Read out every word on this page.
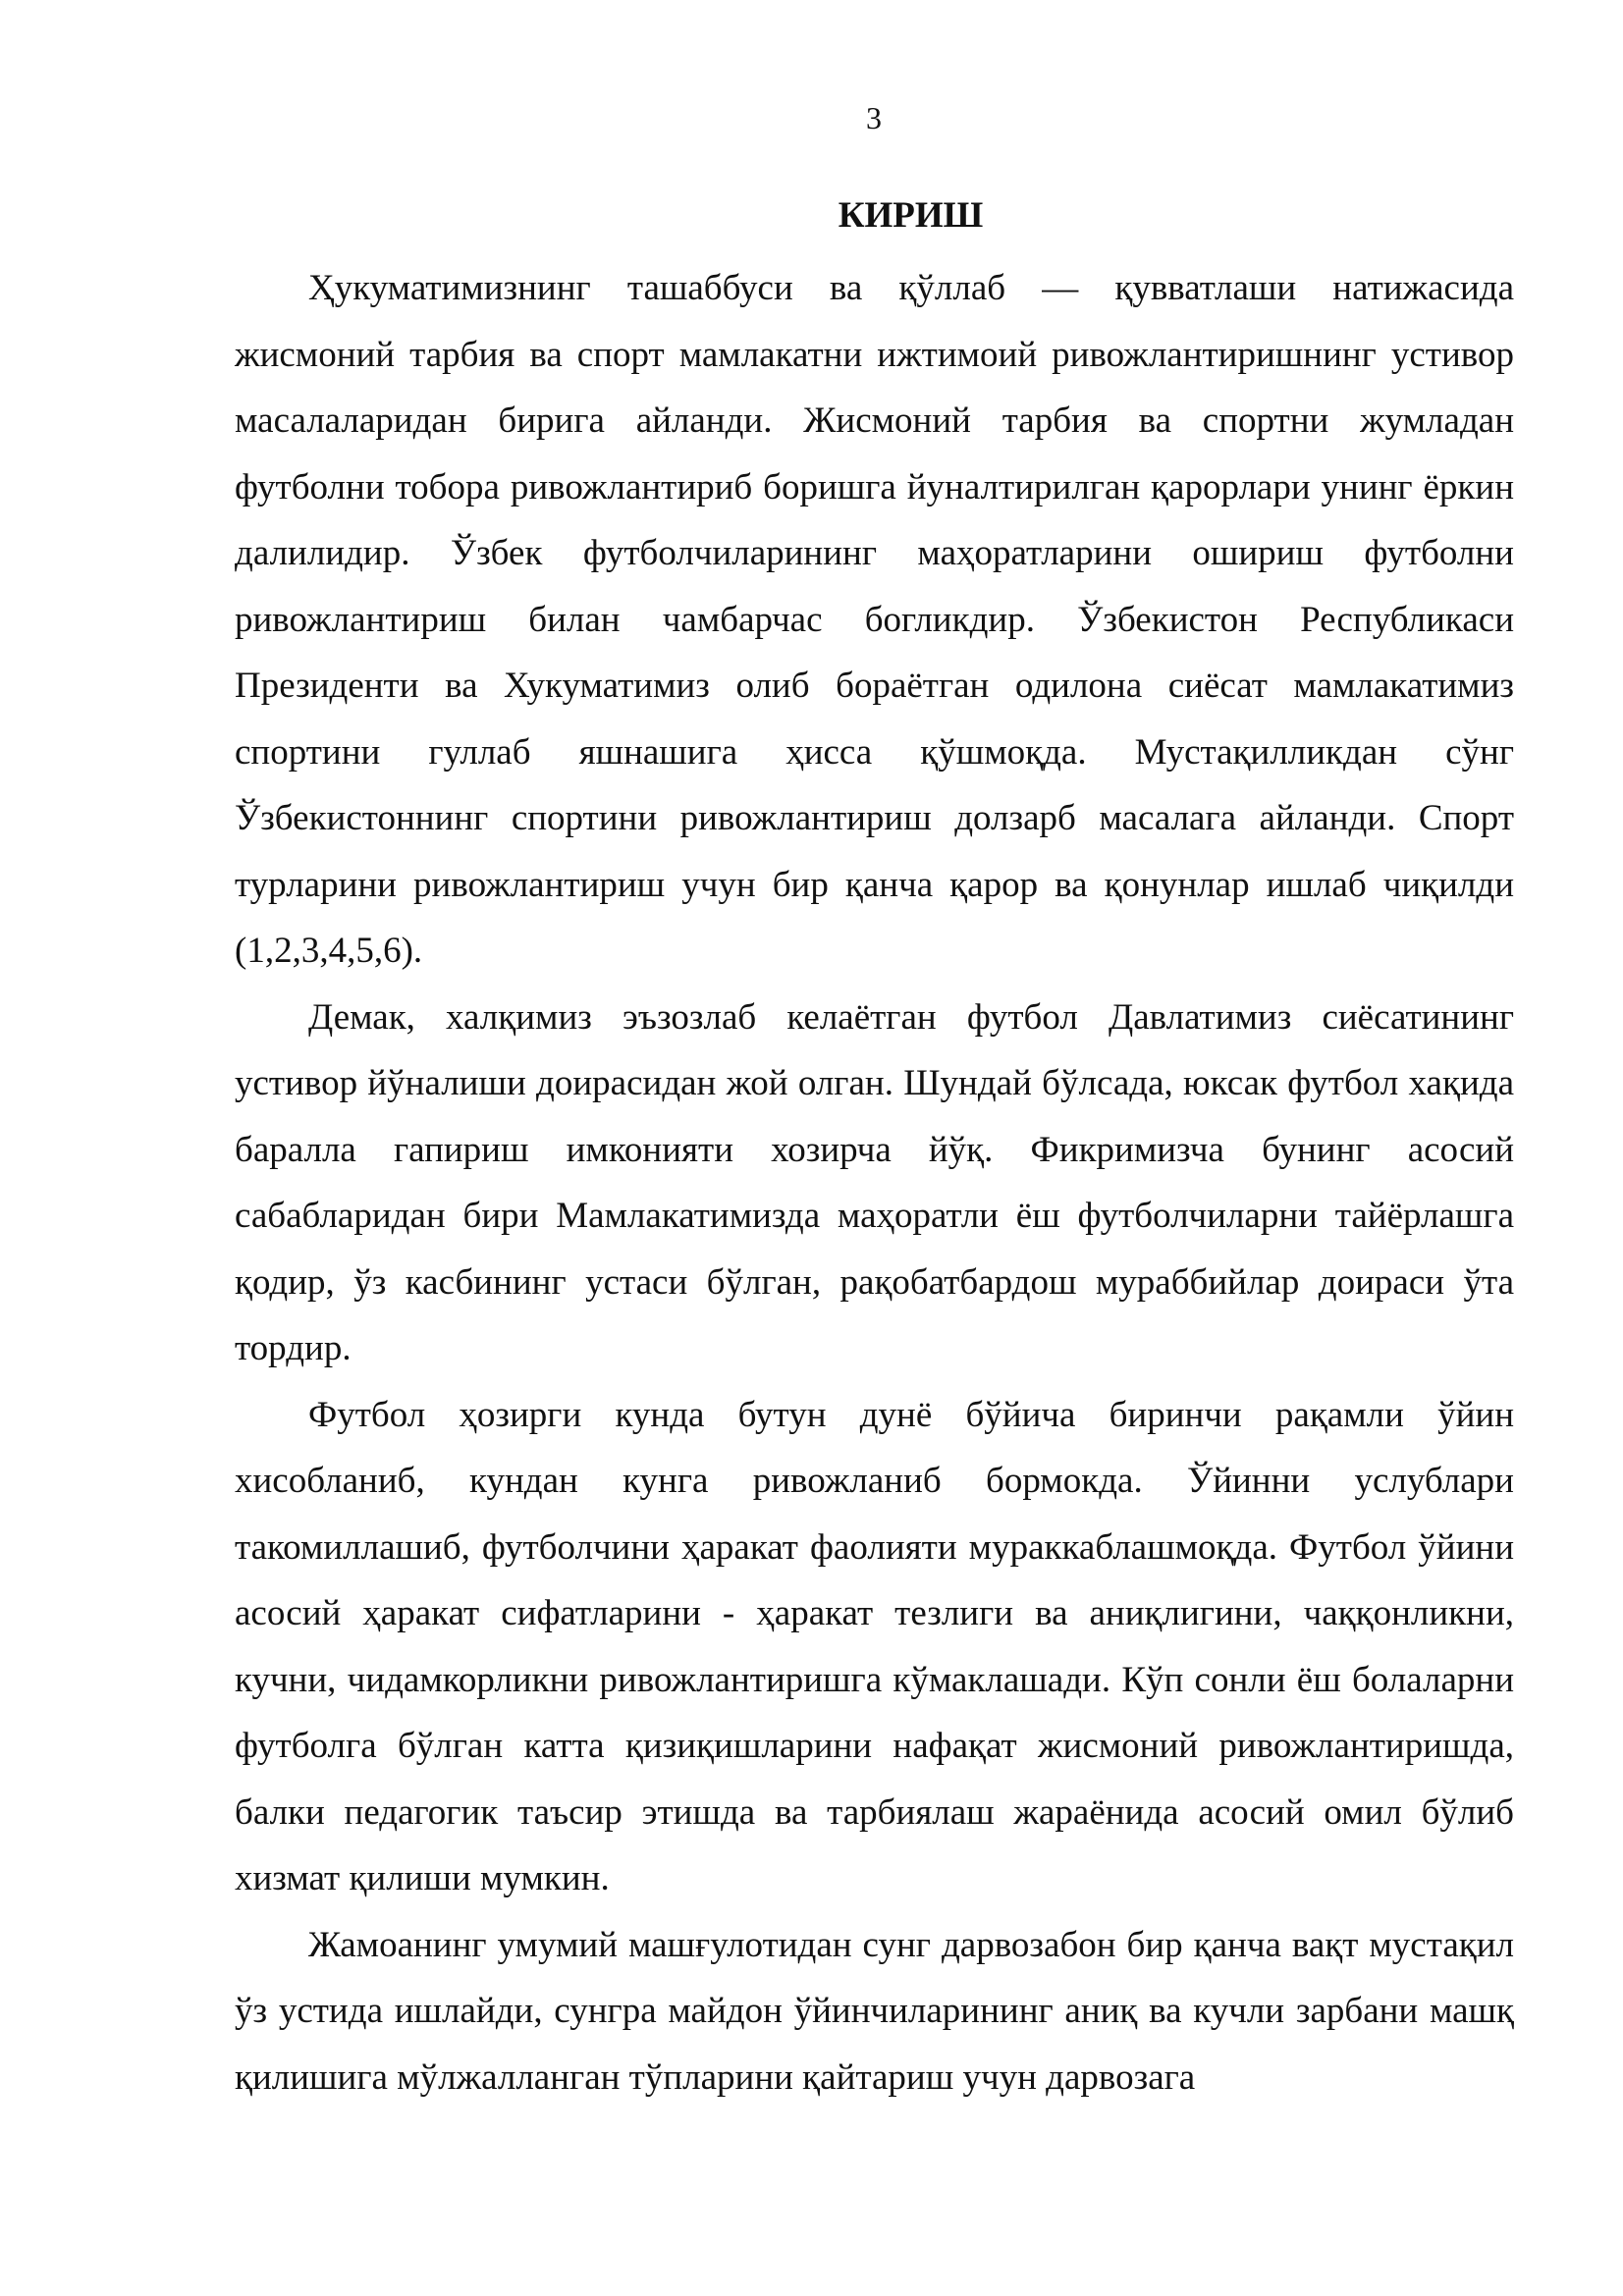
3
КИРИШ

Ҳукуматимизнинг ташаббуси ва қўллаб — қувватлаши натижасида жисмоний тарбия ва спорт мамлакатни ижтимоий ривожлантиришнинг устивор масалаларидан бирига айланди. Жисмоний тарбия ва спортни жумладан футболни тобора ривожлантириб боришга йуналтирилган қарорлари унинг ёркин далилидир. Ўзбек футболчиларининг маҳоратларини ошириш футболни ривожлантириш билан чамбарчас богликдир. Ўзбекистон Республикаси Президенти ва Хукуматимиз олиб бораётган одилона сиёсат мамлакатимиз спортини гуллаб яшнашига ҳисса қўшмоқда. Мустақилликдан сўнг Ўзбекистоннинг спортини ривожлантириш долзарб масалага айланди. Спорт турларини ривожлантириш учун бир қанча қарор ва қонунлар ишлаб чиқилди (1,2,3,4,5,6).

Демак, халқимиз эъзозлаб келаётган футбол Давлатимиз сиёсатининг устивор йўналиши доирасидан жой олган. Шундай бўлсада, юксак футбол хақида баралла гапириш имконияти хозирча йўқ. Фикримизча бунинг асосий сабабларидан бири Мамлакатимизда маҳоратли ёш футболчиларни тайёрлашга қодир, ўз касбининг устаси бўлган, рақобатбардош мураббийлар доираси ўта тордир.

Футбол ҳозирги кунда бутун дунё бўйича биринчи рақамли ўйин хисобланиб, кундан кунга ривожланиб бормокда. Ўйинни услублари такомиллашиб, футболчини ҳаракат фаолияти мураккаблашмоқда. Футбол ўйини асосий ҳаракат сифатларини - ҳаракат тезлиги ва аниқлигини, чаққонликни, кучни, чидамкорликни ривожлантиришга кўмаклашади. Кўп сонли ёш болаларни футболга бўлган катта қизиқишларини нафақат жисмоний ривожлантиришда, балки педагогик таъсир этишда ва тарбиялаш жараёнида асосий омил бўлиб хизмат қилиши мумкин.

Жамоанинг умумий машғулотидан сунг дарвозабон бир қанча вақт мустақил ўз устида ишлайди, сунгра майдон ўйинчиларининг аниқ ва кучли зарбани машқ қилишига мўлжалланган тўпларини қайтариш учун дарвозага
